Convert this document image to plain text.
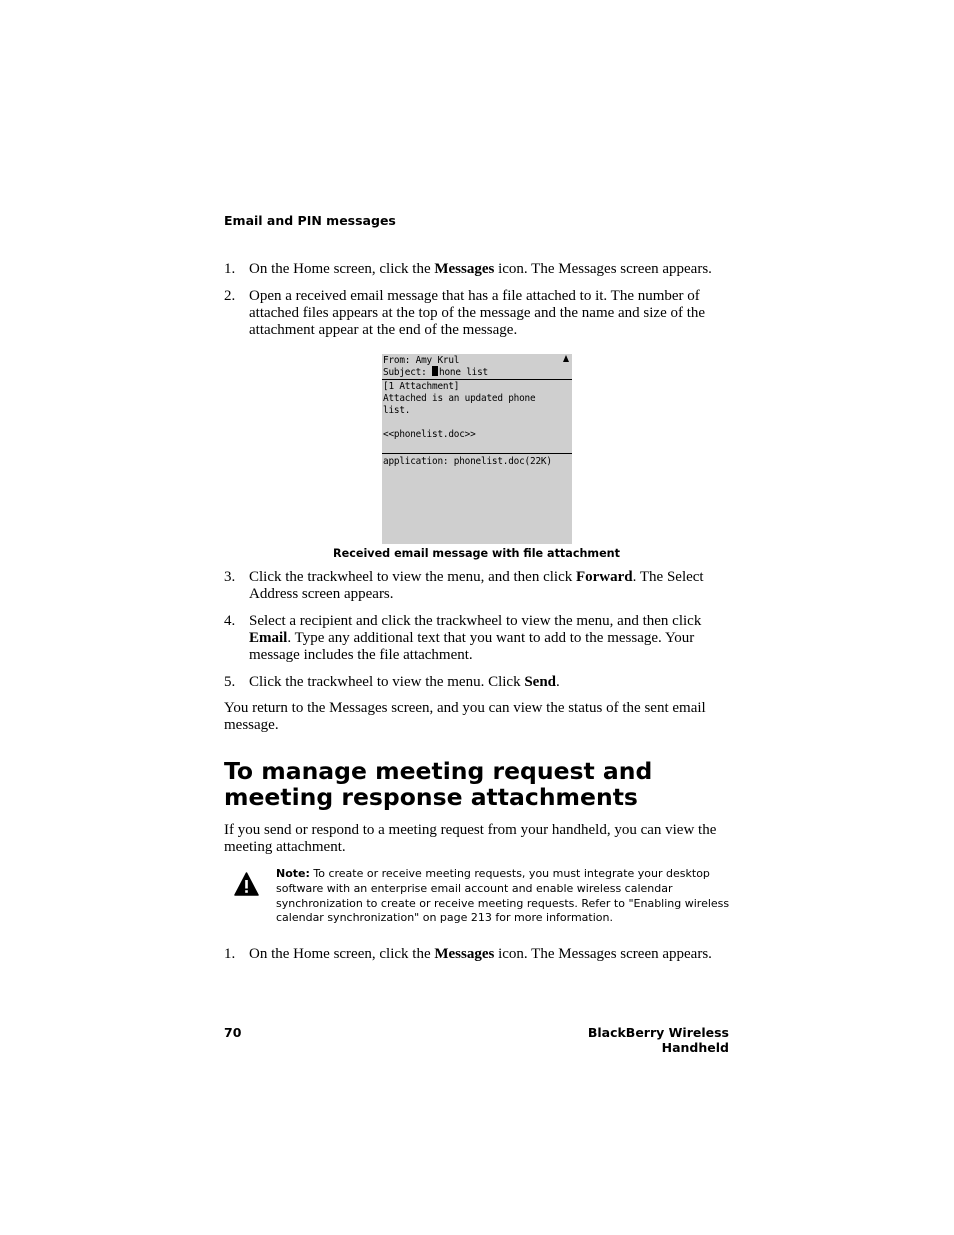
Email and PIN messages
1. On the Home screen, click the Messages icon. The Messages screen appears.
2. Open a received email message that has a file attached to it. The number of attached files appears at the top of the message and the name and size of the attachment appear at the end of the message.
From: Amy Krul
Subject: hone list
[1 Attachment]
Attached is an updated phone
list.
<<phonelist.doc>>
application: phonelist.doc(22K)
Received email message with file attachment
3. Click the trackwheel to view the menu, and then click Forward. The Select Address screen appears.
4. Select a recipient and click the trackwheel to view the menu, and then click Email. Type any additional text that you want to add to the message. Your message includes the file attachment.
5. Click the trackwheel to view the menu. Click Send.
You return to the Messages screen, and you can view the status of the sent email message.
To manage meeting request and meeting response attachments
If you send or respond to a meeting request from your handheld, you can view the meeting attachment.
Note: To create or receive meeting requests, you must integrate your desktop software with an enterprise email account and enable wireless calendar synchronization to create or receive meeting requests. Refer to "Enabling wireless calendar synchronization" on page 213 for more information.
1. On the Home screen, click the Messages icon. The Messages screen appears.
70	BlackBerry Wireless Handheld
